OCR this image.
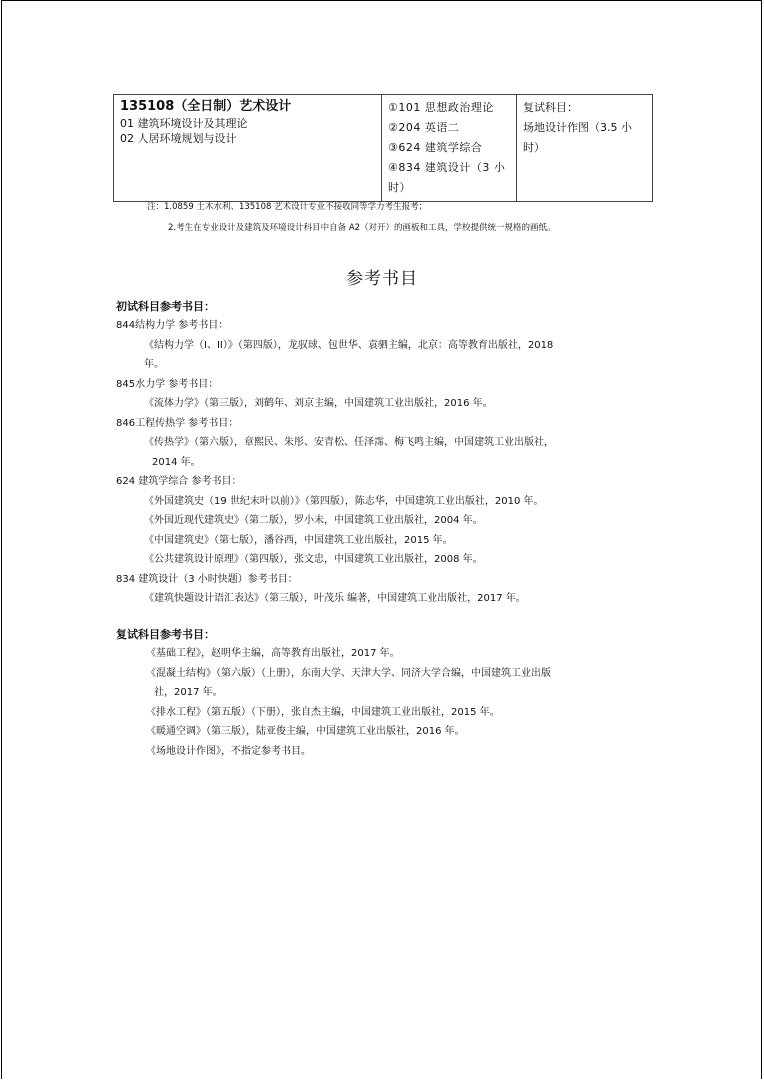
135108（全日制）艺术设计
01 建筑环境设计及其理论
02 人居环境规划与设计

①101 思想政治理论
②204 英语二
③624 建筑学综合
④834 建筑设计（3 小时）

复试科目：
场地设计作图（3.5 小时）
注：1.0859 土木水利、135108 艺术设计专业不接收同等学力考生报考；
2.考生在专业设计及建筑及环境设计科目中自备 A2（对开）的画板和工具，学校提供统一规格的画纸。
参考书目
初试科目参考书目：
844结构力学 参考书目：
《结构力学（I、II）》（第四版），龙驭球、包世华、袁驷主编，北京：高等教育出版社，2018
年。
845水力学 参考书目：
《流体力学》（第三版），刘鹤年、刘京主编，中国建筑工业出版社，2016 年。
846工程传热学 参考书目：
《传热学》（第六版），章熙民、朱彤、安青松、任泽霈、梅飞鸣主编，中国建筑工业出版社，
2014 年。
624 建筑学综合 参考书目：
《外国建筑史（19 世纪末叶以前）》（第四版），陈志华，中国建筑工业出版社，2010 年。
《外国近现代建筑史》（第二版），罗小未，中国建筑工业出版社，2004 年。
《中国建筑史》（第七版），潘谷西，中国建筑工业出版社，2015 年。
《公共建筑设计原理》（第四版），张文忠，中国建筑工业出版社，2008 年。
834 建筑设计（3 小时快题）参考书目：
《建筑快题设计语汇表达》（第三版），叶茂乐 编著，中国建筑工业出版社，2017 年。
复试科目参考书目：
《基础工程》，赵明华主编，高等教育出版社，2017 年。
《混凝土结构》（第六版）（上册），东南大学、天津大学、同济大学合编，中国建筑工业出版
社，2017 年。
《排水工程》（第五版）（下册），张自杰主编，中国建筑工业出版社，2015 年。
《暖通空调》（第三版），陆亚俊主编，中国建筑工业出版社，2016 年。
《场地设计作图》，不指定参考书目。
